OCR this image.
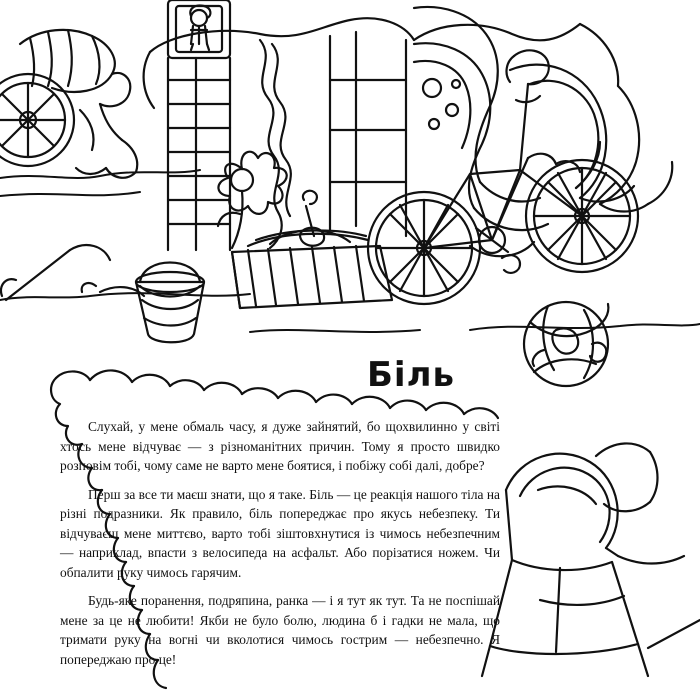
Біль

Слухай, у мене обмаль часу, я дуже зайнятий, бо щохвилинно у світі хтось мене відчуває — з різноманітних причин. Тому я просто швидко розповім тобі, чому саме не варто мене боятися, і побіжу собі далі, добре?

Перш за все ти маєш знати, що я таке. Біль — це реакція нашого тіла на різні подразники. Як правило, біль попереджає про якусь небезпеку. Ти відчуваєш мене миттєво, варто тобі зіштовхнутися із чимось небезпечним — наприклад, впасти з велосипеда на асфальт. Або порізатися ножем. Чи обпалити руку чимось гарячим.

Будь-яке поранення, подряпина, ранка — і я тут як тут. Та не поспішай мене за це не любити! Якби не було болю, людина б і гадки не мала, що тримати руку на вогні чи вколотися чимось гострим — небезпечно. Я попереджаю про це!
